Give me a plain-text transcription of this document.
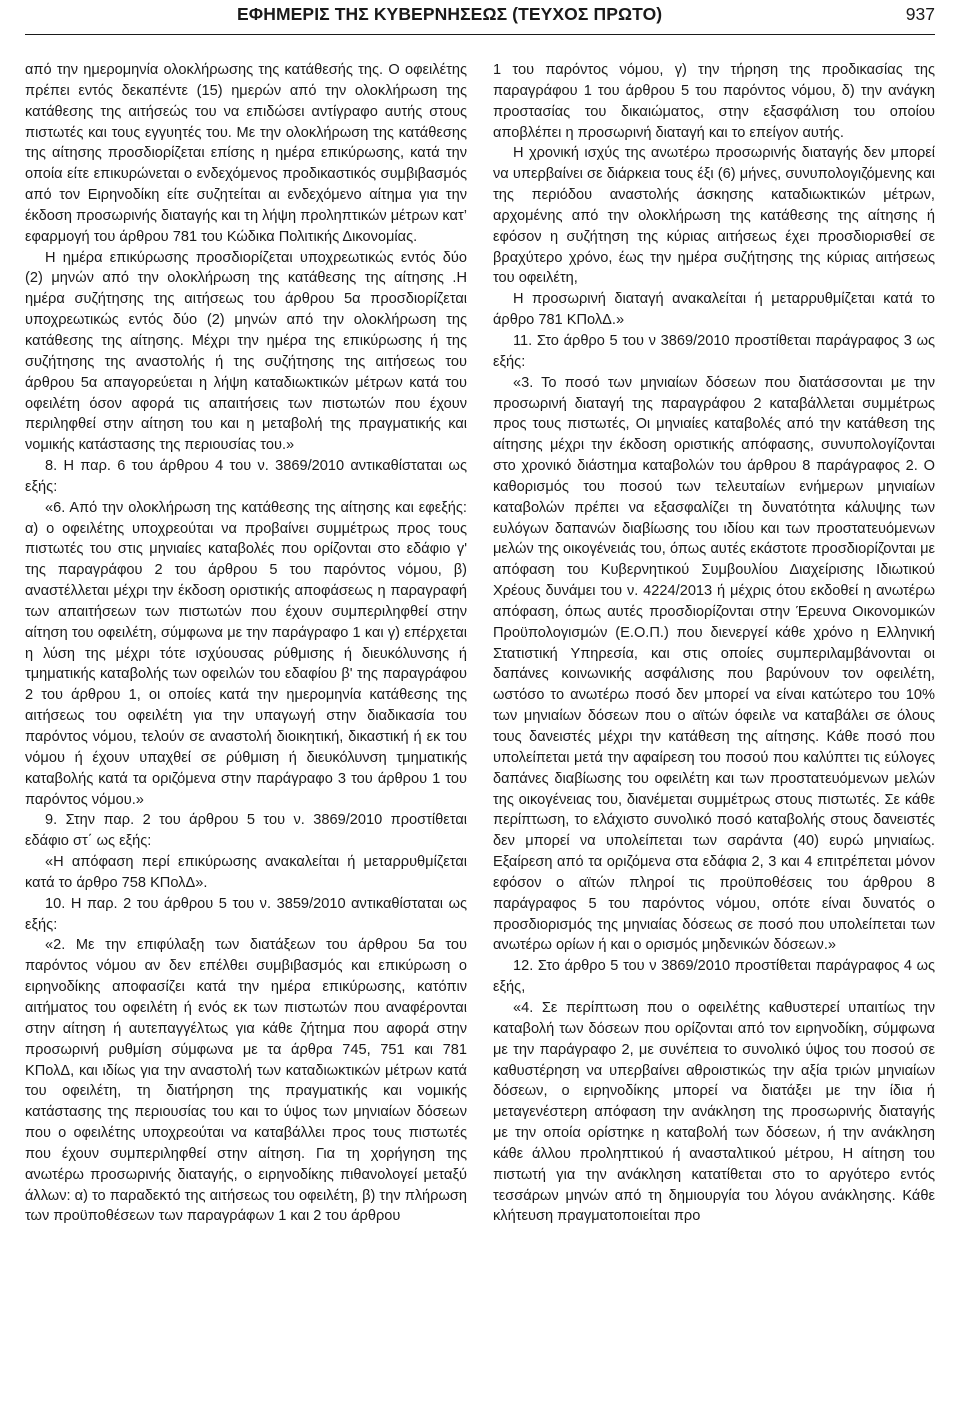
ΕΦΗΜΕΡΙΣ ΤΗΣ ΚΥΒΕΡΝΗΣΕΩΣ (ΤΕΥΧΟΣ ΠΡΩΤΟ)	937

από την ημερομηνία ολοκλήρωσης της κατάθεσής της. Ο οφειλέτης πρέπει εντός δεκαπέντε (15) ημερών από την ολοκλήρωση της κατάθεσης της αιτήσεώς του να επιδώσει αντίγραφο αυτής στους πιστωτές και τους εγγυητές του. Με την ολοκλήρωση της κατάθεσης της αίτησης προσδιορίζεται επίσης η ημέρα επικύρωσης, κατά την οποία είτε επικυρώνεται ο ενδεχόμενος προδικαστικός συμβιβασμός από τον Ειρηνοδίκη είτε συζητείται αι ενδεχόμενο αίτημα για την έκδοση προσωρινής διαταγής και τη λήψη προληπτικών μέτρων κατ’ εφαρμογή του άρθρου 781 του Κώδικα Πολιτικής Δικονομίας.

Η ημέρα επικύρωσης προσδιορίζεται υποχρεωτικώς εντός δύο (2) μηνών από την ολοκλήρωση της κατάθεσης της αίτησης .Η ημέρα συζήτησης της αιτήσεως του άρθρου 5α προσδιορίζεται υποχρεωτικώς εντός δύο (2) μηνών από την ολοκλήρωση της κατάθεσης της αίτησης. Μέχρι την ημέρα της επικύρωσης ή της συζήτησης της αναστολής ή της συζήτησης της αιτήσεως του άρθρου 5α απαγορεύεται η λήψη καταδιωκτικών μέτρων κατά του οφειλέτη όσον αφορά τις απαιτήσεις των πιστωτών που έχουν περιληφθεί στην αίτηση του και η μεταβολή της πραγματικής και νομικής κατάστασης της περιουσίας του.»

8. Η παρ. 6 του άρθρου 4 του ν. 3869/2010 αντικαθίσταται ως εξής:

«6. Από την ολοκλήρωση της κατάθεσης της αίτησης και εφεξής: α) ο οφειλέτης υποχρεούται να προβαίνει συμμέτρως προς τους πιστωτές του στις μηνιαίες καταβολές που ορίζονται στο εδάφιο γ' της παραγράφου 2 του άρθρου 5 του παρόντος νόμου, β) αναστέλλεται μέχρι την έκδοση οριστικής αποφάσεως η παραγραφή των απαιτήσεων των πιστωτών που έχουν συμπεριληφθεί στην αίτηση του οφειλέτη, σύμφωνα με την παράγραφο 1 και γ) επέρχεται η λύση της μέχρι τότε ισχύουσας ρύθμισης ή διευκόλυνσης ή τμηματικής καταβολής των οφειλών του εδαφίου β' της παραγράφου 2 του άρθρου 1, οι οποίες κατά την ημερομηνία κατάθεσης της αιτήσεως του οφειλέτη για την υπαγωγή στην διαδικασία του παρόντος νόμου, τελούν σε αναστολή διοικητική, δικαστική ή εκ του νόμου ή έχουν υπαχθεί σε ρύθμιση ή διευκόλυνση τμηματικής καταβολής κατά τα οριζόμενα στην παράγραφο 3 του άρθρου 1 του παρόντος νόμου.»

9. Στην παρ. 2 του άρθρου 5 του ν. 3869/2010 προστίθεται εδάφιο στ΄ ως εξής:

«Η απόφαση περί επικύρωσης ανακαλείται ή μεταρρυθμίζεται κατά το άρθρο 758 ΚΠολΔ».

10. Η παρ. 2 του άρθρου 5 του ν. 3859/2010 αντικαθίσταται ως εξής:

«2. Με την επιφύλαξη των διατάξεων του άρθρου 5α του παρόντος νόμου αν δεν επέλθει συμβιβασμός και επικύρωση ο ειρηνοδίκης αποφασίζει κατά την ημέρα επικύρωσης, κατόπιν αιτήματος του οφειλέτη ή ενός εκ των πιστωτών που αναφέρονται στην αίτηση ή αυτεπαγγέλτως για κάθε ζήτημα που αφορά στην προσωρινή ρυθμίση σύμφωνα με τα άρθρα 745, 751 και 781 ΚΠολΔ, και ιδίως για την αναστολή των καταδιωκτικών μέτρων κατά του οφειλέτη, τη διατήρηση της πραγματικής και νομικής κατάστασης της περιουσίας του και το ύψος των μηνιαίων δόσεων που ο οφειλέτης υποχρεούται να καταβάλλει προς τους πιστωτές που έχουν συμπεριληφθεί στην αίτηση. Για τη χορήγηση της ανωτέρω προσωρινής διαταγής, ο ειρηνοδίκης πιθανολογεί μεταξύ άλλων: α) το παραδεκτό της αιτήσεως του οφειλέτη, β) την πλήρωση των προϋποθέσεων των παραγράφων 1 και 2 του άρθρου

1 του παρόντος νόμου, γ) την τήρηση της προδικασίας της παραγράφου 1 του άρθρου 5 του παρόντος νόμου, δ) την ανάγκη προστασίας του δικαιώματος, στην εξασφάλιση του οποίου αποβλέπει η προσωρινή διαταγή και το επείγον αυτής.

Η χρονική ισχύς της ανωτέρω προσωρινής διαταγής δεν μπορεί να υπερβαίνει σε διάρκεια τους έξι (6) μήνες, συνυπολογιζόμενης και της περιόδου αναστολής άσκησης καταδιωκτικών μέτρων, αρχομένης από την ολοκλήρωση της κατάθεσης της αίτησης ή εφόσον η συζήτηση της κύριας αιτήσεως έχει προσδιορισθεί σε βραχύτερο χρόνο, έως την ημέρα συζήτησης της κύριας αιτήσεως του οφειλέτη,

Η προσωρινή διαταγή ανακαλείται ή μεταρρυθμίζεται κατά το άρθρο 781 ΚΠολΔ.»

11. Στο άρθρο 5 του ν 3869/2010 προστίθεται παράγραφος 3 ως εξής:

«3. Το ποσό των μηνιαίων δόσεων που διατάσσονται με την προσωρινή διαταγή της παραγράφου 2 καταβάλλεται συμμέτρως προς τους πιστωτές, Οι μηνιαίες καταβολές από την κατάθεση της αίτησης μέχρι την έκδοση οριστικής απόφασης, συνυπολογίζονται στο χρονικό διάστημα καταβολών του άρθρου 8 παράγραφος 2. Ο καθορισμός του ποσού των τελευταίων ενήμερων μηνιαίων καταβολών πρέπει να εξασφαλίζει τη δυνατότητα κάλυψης των ευλόγων δαπανών διαβίωσης του ιδίου και των προστατευόμενων μελών της οικογένειάς του, όπως αυτές εκάστοτε προσδιορίζονται με απόφαση του Κυβερνητικού Συμβουλίου Διαχείρισης Ιδιωτικού Χρέους δυνάμει του ν. 4224/2013 ή μέχρις ότου εκδοθεί η ανωτέρω απόφαση, όπως αυτές προσδιορίζονται στην Έρευνα Οικονομικών Προϋπολογισμών (Ε.Ο.Π.) που διενεργεί κάθε χρόνο η Ελληνική Στατιστική Υπηρεσία, και στις οποίες συμπεριλαμβάνονται οι δαπάνες κοινωνικής ασφάλισης που βαρύνουν τον οφειλέτη, ωστόσο το ανωτέρω ποσό δεν μπορεί να είναι κατώτερο του 10% των μηνιαίων δόσεων που ο αϊτών όφειλε να καταβάλει σε όλους τους δανειστές μέχρι την κατάθεση της αίτησης. Κάθε ποσό που υπολείπεται μετά την αφαίρεση του ποσού που καλύπτει τις εύλογες δαπάνες διαβίωσης του οφειλέτη και των προστατευόμενων μελών της οικογένειας του, διανέμεται συμμέτρως στους πιστωτές. Σε κάθε περίπτωση, το ελάχιστο συνολικό ποσό καταβολής στους δανειστές δεν μπορεί να υπολείπεται των σαράντα (40) ευρώ μηνιαίως. Εξαίρεση από τα οριζόμενα στα εδάφια 2, 3 και 4 επιτρέπεται μόνον εφόσον ο αϊτών πληροί τις προϋποθέσεις του άρθρου 8 παράγραφος 5 του παρόντος νόμου, οπότε είναι δυνατός ο προσδιορισμός της μηνιαίας δόσεως σε ποσό που υπολείπεται των ανωτέρω ορίων ή και ο ορισμός μηδενικών δόσεων.»

12. Στο άρθρο 5 του ν 3869/2010 προστίθεται παράγραφος 4 ως εξής,

«4. Σε περίπτωση που ο οφειλέτης καθυστερεί υπαιτίως την καταβολή των δόσεων που ορίζονται από τον ειρηνοδίκη, σύμφωνα με την παράγραφο 2, με συνέπεια το συνολικό ύψος του ποσού σε καθυστέρηση να υπερβαίνει αθροιστικώς την αξία τριών μηνιαίων δόσεων, ο ειρηνοδίκης μπορεί να διατάξει με την ίδια ή μεταγενέστερη απόφαση την ανάκληση της προσωρινής διαταγής με την οποία ορίστηκε η καταβολή των δόσεων, ή την ανάκληση κάθε άλλου προληπτικού ή ανασταλτικού μέτρου, Η αίτηση του πιστωτή για την ανάκληση κατατίθεται στο το αργότερο εντός τεσσάρων μηνών από τη δημιουργία του λόγου ανάκλησης. Κάθε κλήτευση πραγματοποιείται προ
